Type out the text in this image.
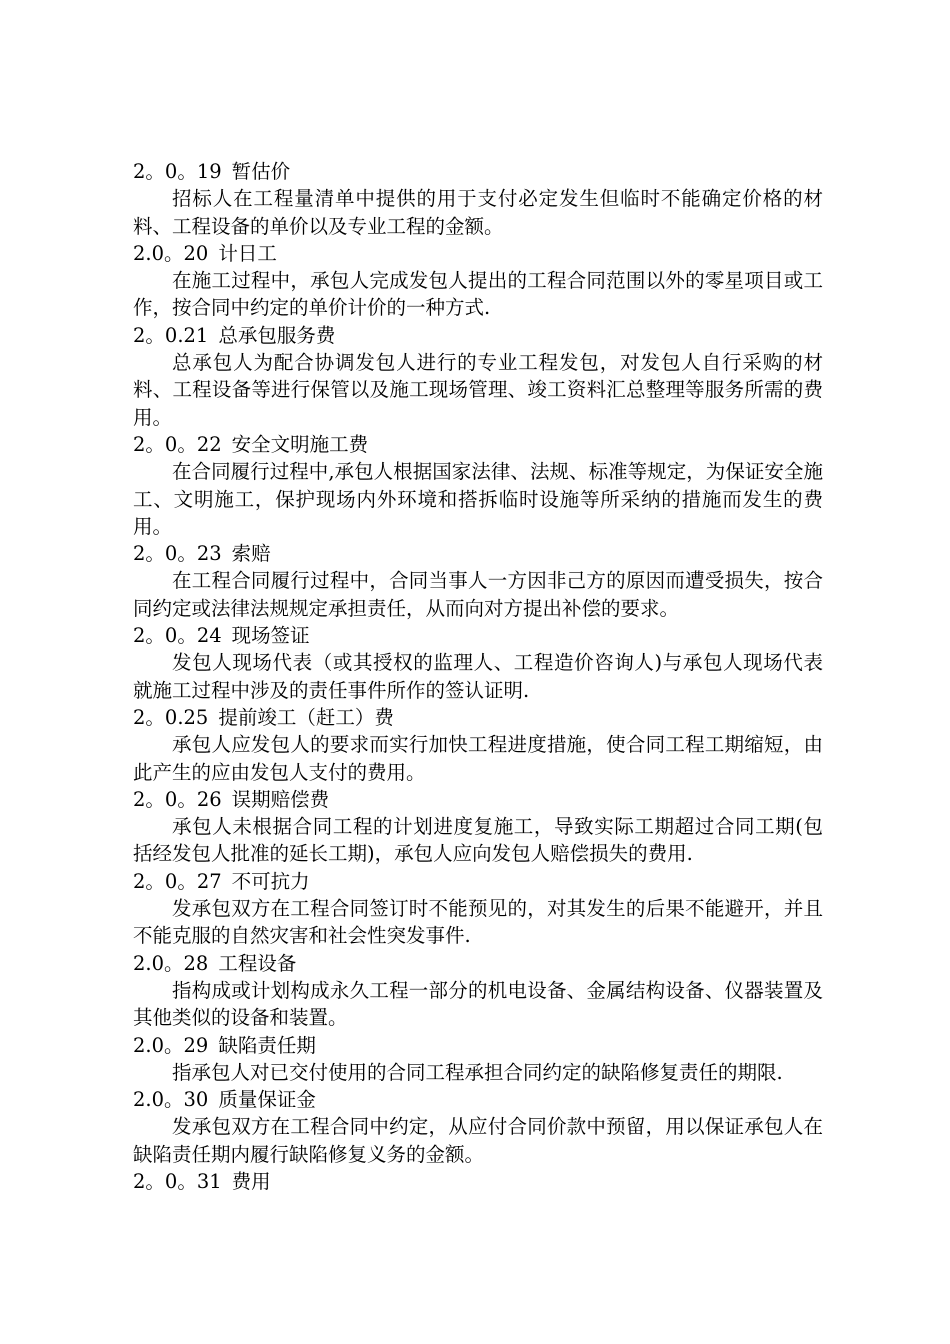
2。0。19 暂估价

招标人在工程量清单中提供的用于支付必定发生但临时不能确定价格的材料、工程设备的单价以及专业工程的金额。

2.0。20 计日工

在施工过程中，承包人完成发包人提出的工程合同范围以外的零星项目或工作，按合同中约定的单价计价的一种方式.

2。0.21 总承包服务费

总承包人为配合协调发包人进行的专业工程发包，对发包人自行采购的材料、工程设备等进行保管以及施工现场管理、竣工资料汇总整理等服务所需的费用。

2。0。22 安全文明施工费

在合同履行过程中,承包人根据国家法律、法规、标准等规定，为保证安全施工、文明施工，保护现场内外环境和搭拆临时设施等所采纳的措施而发生的费用。

2。0。23 索赔

在工程合同履行过程中，合同当事人一方因非己方的原因而遭受损失，按合同约定或法律法规规定承担责任，从而向对方提出补偿的要求。

2。0。24 现场签证

发包人现场代表（或其授权的监理人、工程造价咨询人)与承包人现场代表就施工过程中涉及的责任事件所作的签认证明.

2。0.25 提前竣工（赶工）费

承包人应发包人的要求而实行加快工程进度措施，使合同工程工期缩短，由此产生的应由发包人支付的费用。

2。0。26 误期赔偿费

承包人未根据合同工程的计划进度复施工，导致实际工期超过合同工期(包括经发包人批准的延长工期)，承包人应向发包人赔偿损失的费用.

2。0。27 不可抗力

发承包双方在工程合同签订时不能预见的，对其发生的后果不能避开，并且不能克服的自然灾害和社会性突发事件.

2.0。28 工程设备

指构成或计划构成永久工程一部分的机电设备、金属结构设备、仪器装置及其他类似的设备和装置。

2.0。29 缺陷责任期

指承包人对已交付使用的合同工程承担合同约定的缺陷修复责任的期限.

2.0。30 质量保证金

发承包双方在工程合同中约定，从应付合同价款中预留，用以保证承包人在缺陷责任期内履行缺陷修复义务的金额。

2。0。31 费用
